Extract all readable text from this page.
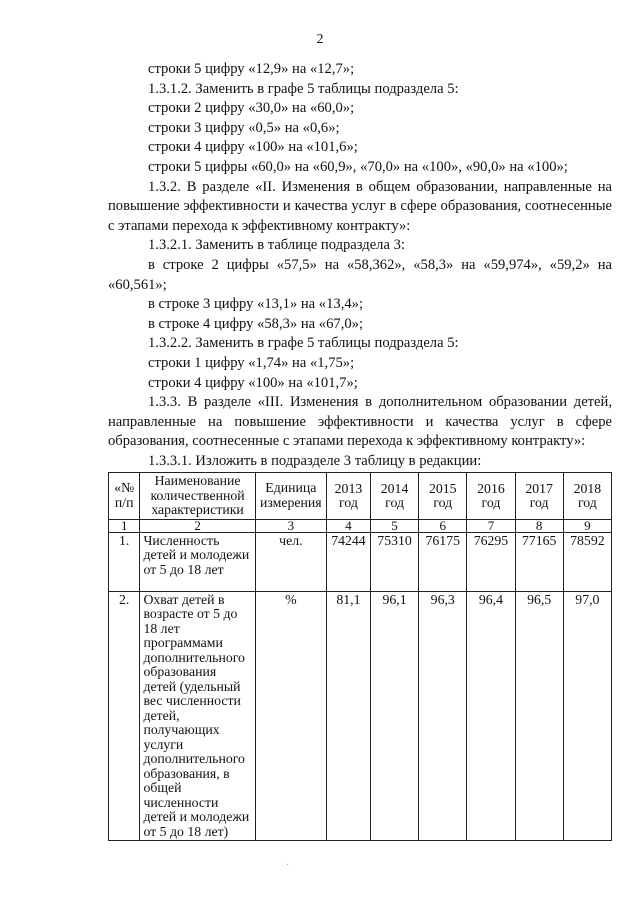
2

строки 5 цифру «12,9» на «12,7»;

1.3.1.2. Заменить в графе 5 таблицы подраздела 5:

строки 2 цифру «30,0» на «60,0»;

строки 3 цифру «0,5» на «0,6»;

строки 4 цифру «100» на «101,6»;

строки 5 цифры «60,0» на «60,9», «70,0» на «100», «90,0» на «100»;

1.3.2. В разделе «II. Изменения в общем образовании, направленные на повышение эффективности и качества услуг в сфере образования, соотнесенные с этапами перехода к эффективному контракту»:

1.3.2.1. Заменить в таблице подраздела 3:

в строке 2 цифры «57,5» на «58,362», «58,3» на «59,974», «59,2» на «60,561»;

в строке 3 цифру «13,1» на «13,4»;

в строке 4 цифру «58,3» на «67,0»;

1.3.2.2. Заменить в графе 5 таблицы подраздела 5:

строки 1 цифру «1,74» на «1,75»;

строки 4 цифру «100» на «101,7»;

1.3.3. В разделе «III. Изменения в дополнительном образовании детей, направленные на повышение эффективности и качества услуг в сфере образования, соотнесенные с этапами перехода к эффективному контракту»:

1.3.3.1. Изложить в подразделе 3 таблицу в редакции:

«№ п/п	Наименование количественной характеристики	Единица измерения	2013 год	2014 год	2015 год	2016 год	2017 год	2018 год
1	2	3	4	5	6	7	8	9
1.	Численность детей и молодежи от 5 до 18 лет	чел.	74244	75310	76175	76295	77165	78592
2.	Охват детей в возрасте от 5 до 18 лет программами дополнительного образования детей (удельный вес численности детей, получающих услуги дополнительного образования, в общей численности детей и молодежи от 5 до 18 лет)	%	81,1	96,1	96,3	96,4	96,5	97,0
·
